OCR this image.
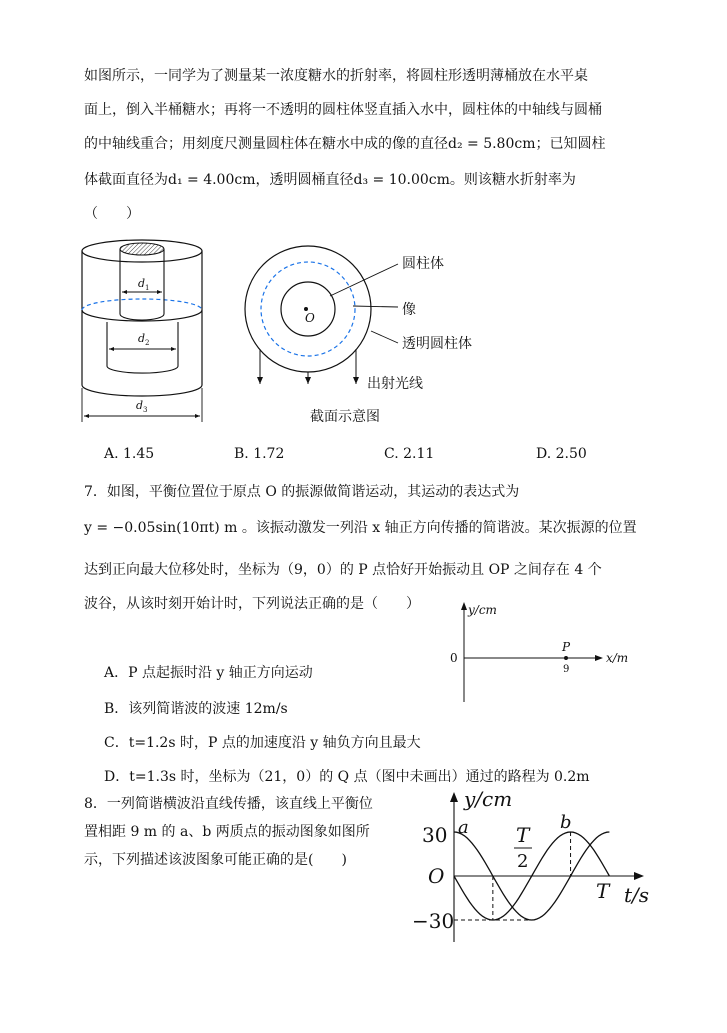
如图所示，一同学为了测量某一浓度糖水的折射率，将圆柱形透明薄桶放在水平桌
面上，倒入半桶糖水；再将一不透明的圆柱体竖直插入水中，圆柱体的中轴线与圆桶
的中轴线重合；用刻度尺测量圆柱体在糖水中成的像的直径d₂ = 5.80cm；已知圆柱
体截面直径为d₁ = 4.00cm，透明圆桶直径d₃ = 10.00cm。则该糖水折射率为
（　　）
d 1
d 2
d 3
O
圆柱体
像
透明圆柱体
出射光线
截面示意图
A. 1.45	B. 1.72	C. 2.11	D. 2.50
7．如图，平衡位置位于原点 O 的振源做简谐运动，其运动的表达式为
y = −0.05sin(10πt) m 。该振动激发一列沿 x 轴正方向传播的简谐波。某次振源的位置
达到正向最大位移处时，坐标为（9，0）的 P 点恰好开始振动且 OP 之间存在 4 个
波谷，从该时刻开始计时，下列说法正确的是（　　）	y/cm
x/m
0
P
9
A．P 点起振时沿 y 轴正方向运动
B．该列简谐波的波速 12m/s
C．t=1.2s 时，P 点的加速度沿 y 轴负方向且最大
D．t=1.3s 时，坐标为（21，0）的 Q 点（图中未画出）通过的路程为 0.2m
8．一列简谐横波沿直线传播，该直线上平衡位
置相距 9 m 的 a、b 两质点的振动图象如图所
示，下列描述该波图象可能正确的是(　　)
y/cm
t/s
30
O
−30
a	b
T
2
T
